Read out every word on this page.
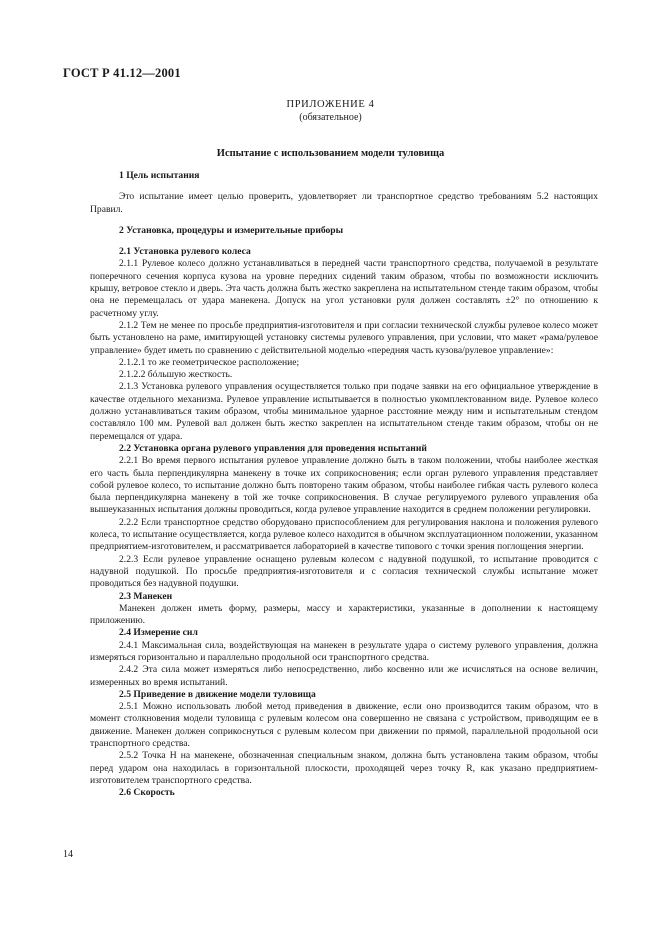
ГОСТ Р 41.12—2001
ПРИЛОЖЕНИЕ 4
(обязательное)
Испытание с использованием модели туловища

1 Цель испытания

Это испытание имеет целью проверить, удовлетворяет ли транспортное средство требованиям 5.2 настоящих Правил.

2 Установка, процедуры и измерительные приборы

2.1 Установка рулевого колеса

2.1.1 Рулевое колесо должно устанавливаться в передней части транспортного средства, получаемой в результате поперечного сечения корпуса кузова на уровне передних сидений таким образом, чтобы по возможности исключить крышу, ветровое стекло и дверь. Эта часть должна быть жестко закреплена на испытательном стенде таким образом, чтобы она не перемещалась от удара манекена. Допуск на угол установки руля должен составлять ±2° по отношению к расчетному углу.

2.1.2 Тем не менее по просьбе предприятия-изготовителя и при согласии технической службы рулевое колесо может быть установлено на раме, имитирующей установку системы рулевого управления, при условии, что макет «рама/рулевое управление» будет иметь по сравнению с действительной моделью «передняя часть кузова/рулевое управление»:

2.1.2.1 то же геометрическое расположение;

2.1.2.2 бóльшую жесткость.

2.1.3 Установка рулевого управления осуществляется только при подаче заявки на его официальное утверждение в качестве отдельного механизма. Рулевое управление испытывается в полностью укомплектованном виде. Рулевое колесо должно устанавливаться таким образом, чтобы минимальное ударное расстояние между ним и испытательным стендом составляло 100 мм. Рулевой вал должен быть жестко закреплен на испытательном стенде таким образом, чтобы он не перемещался от удара.

2.2 Установка органа рулевого управления для проведения испытаний

2.2.1 Во время первого испытания рулевое управление должно быть в таком положении, чтобы наиболее жесткая его часть была перпендикулярна манекену в точке их соприкосновения; если орган рулевого управления представляет собой рулевое колесо, то испытание должно быть повторено таким образом, чтобы наиболее гибкая часть рулевого колеса была перпендикулярна манекену в той же точке соприкосновения. В случае регулируемого рулевого управления оба вышеуказанных испытания должны проводиться, когда рулевое управление находится в среднем положении регулировки.

2.2.2 Если транспортное средство оборудовано приспособлением для регулирования наклона и положения рулевого колеса, то испытание осуществляется, когда рулевое колесо находится в обычном эксплуатационном положении, указанном предприятием-изготовителем, и рассматривается лабораторией в качестве типового с точки зрения поглощения энергии.

2.2.3 Если рулевое управление оснащено рулевым колесом с надувной подушкой, то испытание проводится с надувной подушкой. По просьбе предприятия-изготовителя и с согласия технической службы испытание может проводиться без надувной подушки.

2.3 Манекен

Манекен должен иметь форму, размеры, массу и характеристики, указанные в дополнении к настоящему приложению.

2.4 Измерение сил

2.4.1 Максимальная сила, воздействующая на манекен в результате удара о систему рулевого управления, должна измеряться горизонтально и параллельно продольной оси транспортного средства.

2.4.2 Эта сила может измеряться либо непосредственно, либо косвенно или же исчисляться на основе величин, измеренных во время испытаний.

2.5 Приведение в движение модели туловища

2.5.1 Можно использовать любой метод приведения в движение, если оно производится таким образом, что в момент столкновения модели туловища с рулевым колесом она совершенно не связана с устройством, приводящим ее в движение. Манекен должен соприкоснуться с рулевым колесом при движении по прямой, параллельной продольной оси транспортного средства.

2.5.2 Точка H на манекене, обозначенная специальным знаком, должна быть установлена таким образом, чтобы перед ударом она находилась в горизонтальной плоскости, проходящей через точку R, как указано предприятием-изготовителем транспортного средства.

2.6 Скорость

14
